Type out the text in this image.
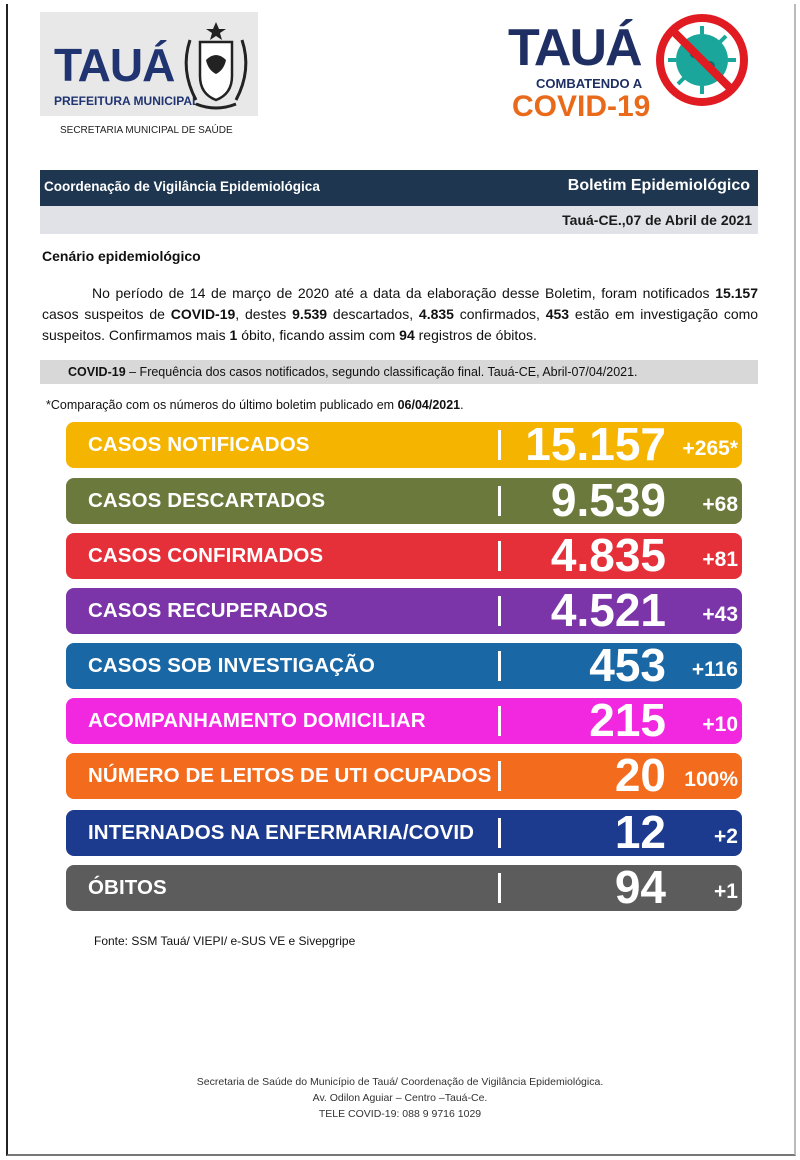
TAUÁ
PREFEITURA MUNICIPAL
SECRETARIA MUNICIPAL DE SAÚDE
TAUÁ
COMBATENDO A
COVID-19
Coordenação de Vigilância Epidemiológica	Boletim Epidemiológico
Tauá-CE.,07 de Abril de 2021
Cenário epidemiológico
No período de 14 de março de 2020 até a data da elaboração desse Boletim, foram notificados 15.157 casos suspeitos de COVID-19, destes 9.539 descartados, 4.835 confirmados, 453 estão em investigação como suspeitos. Confirmamos mais 1 óbito, ficando assim com 94 registros de óbitos.
COVID-19 – Frequência dos casos notificados, segundo classificação final. Tauá-CE, Abril-07/04/2021.
*Comparação com os números do último boletim publicado em 06/04/2021.
CASOS NOTIFICADOS	15.157 +265*
CASOS DESCARTADOS	9.539 +68
CASOS CONFIRMADOS	4.835 +81
CASOS RECUPERADOS	4.521 +43
CASOS SOB INVESTIGAÇÃO	453 +116
ACOMPANHAMENTO DOMICILIAR	215 +10
NÚMERO DE LEITOS DE UTI OCUPADOS	20 100%
INTERNADOS NA ENFERMARIA/COVID	12 +2
ÓBITOS	94 +1
Fonte: SSM Tauá/ VIEPI/ e-SUS VE e Sivepgripe
Secretaria de Saúde do Município de Tauá/ Coordenação de Vigilância Epidemiológica.
Av. Odilon Aguiar – Centro –Tauá-Ce.
TELE COVID-19: 088 9 9716 1029
